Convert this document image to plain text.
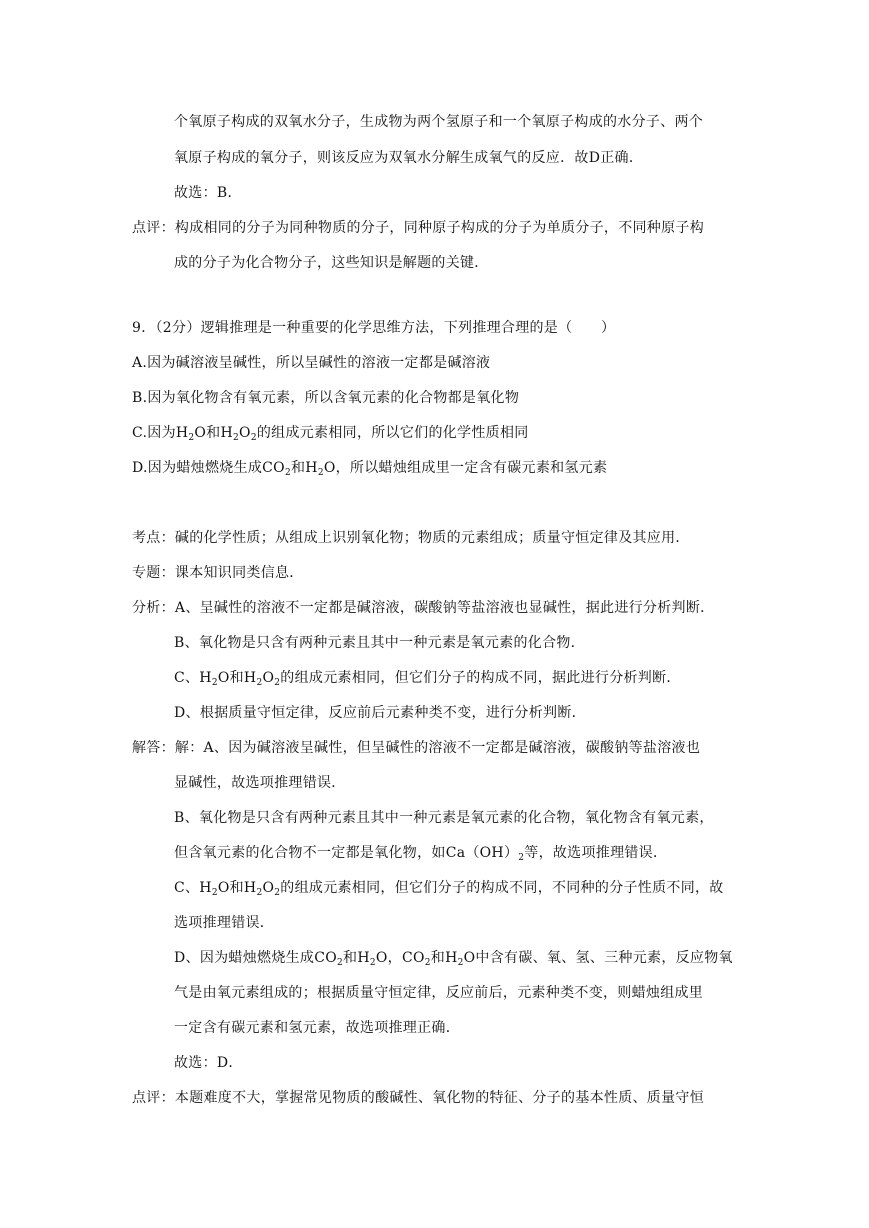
个氧原子构成的双氧水分子，生成物为两个氢原子和一个氧原子构成的水分子、两个
氧原子构成的氧分子，则该反应为双氧水分解生成氧气的反应．故D正确．
故选：B．
点评：构成相同的分子为同种物质的分子，同种原子构成的分子为单质分子，不同种原子构
成的分子为化合物分子，这些知识是解题的关键．
9．（2分）逻辑推理是一种重要的化学思维方法，下列推理合理的是（　　）
A.因为碱溶液呈碱性，所以呈碱性的溶液一定都是碱溶液
B.因为氧化物含有氧元素，所以含氧元素的化合物都是氧化物
C.因为$H_2O$和$H_2O_2$的组成元素相同，所以它们的化学性质相同
D.因为蜡烛燃烧生成$CO_2$和$H_2O$，所以蜡烛组成里一定含有碳元素和氢元素
考点：碱的化学性质；从组成上识别氧化物；物质的元素组成；质量守恒定律及其应用．
专题：课本知识同类信息．
分析：A、呈碱性的溶液不一定都是碱溶液，碳酸钠等盐溶液也显碱性，据此进行分析判断．
B、氧化物是只含有两种元素且其中一种元素是氧元素的化合物．
C、$H_2O$和$H_2O_2$的组成元素相同，但它们分子的构成不同，据此进行分析判断．
D、根据质量守恒定律，反应前后元素种类不变，进行分析判断．
解答：解：A、因为碱溶液呈碱性，但呈碱性的溶液不一定都是碱溶液，碳酸钠等盐溶液也
显碱性，故选项推理错误．
B、氧化物是只含有两种元素且其中一种元素是氧元素的化合物，氧化物含有氧元素，
但含氧元素的化合物不一定都是氧化物，如$Ca(OH)_2$等，故选项推理错误．
C、$H_2O$和$H_2O_2$的组成元素相同，但它们分子的构成不同，不同种的分子性质不同，故
选项推理错误．
D、因为蜡烛燃烧生成$CO_2$和$H_2O$，$CO_2$和$H_2O$中含有碳、氧、氢、三种元素，反应物氧
气是由氧元素组成的；根据质量守恒定律，反应前后，元素种类不变，则蜡烛组成里
一定含有碳元素和氢元素，故选项推理正确．
故选：D．
点评：本题难度不大，掌握常见物质的酸碱性、氧化物的特征、分子的基本性质、质量守恒
